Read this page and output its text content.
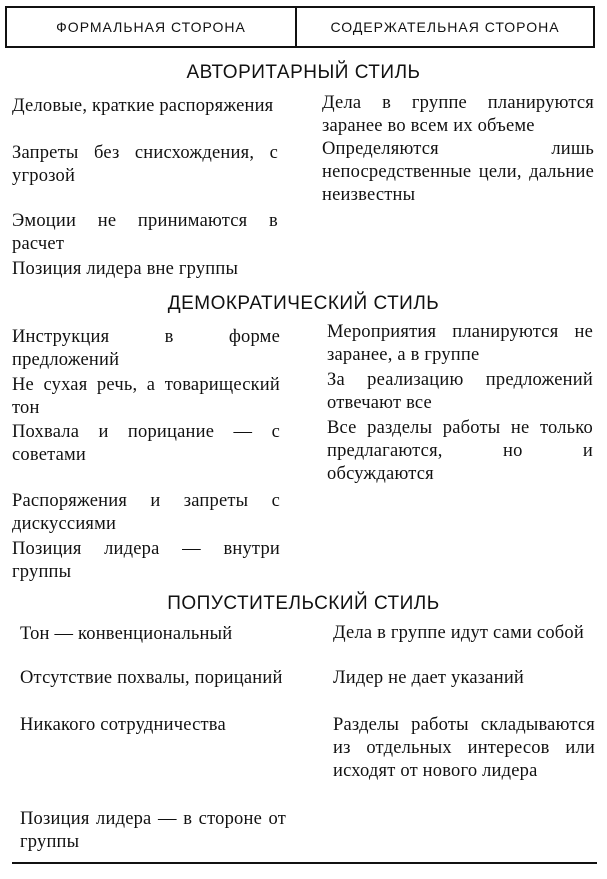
ФОРМАЛЬНАЯ СТОРОНА	СОДЕРЖАТЕЛЬНАЯ СТОРОНА
АВТОРИТАРНЫЙ СТИЛЬ
Деловые, краткие распоряжения
Запреты без снисхождения, с угрозой
Эмоции не принимаются в расчет
Позиция лидера вне группы
Дела в группе планируются заранее во всем их объеме
Определяются лишь непосредственные цели, дальние неизвестны
ДЕМОКРАТИЧЕСКИЙ СТИЛЬ
Инструкция в форме предложений
Не сухая речь, а товарищеский тон
Похвала и порицание — с советами
Распоряжения и запреты с дискуссиями
Позиция лидера — внутри группы
Мероприятия планируются не заранее, а в группе
За реализацию предложений отвечают все
Все разделы работы не только предлагаются, но и обсуждаются
ПОПУСТИТЕЛЬСКИЙ СТИЛЬ
Тон — конвенциональный
Отсутствие похвалы, порицаний
Никакого сотрудничества
Позиция лидера — в стороне от группы
Дела в группе идут сами собой
Лидер не дает указаний
Разделы работы складываются из отдельных интересов или исходят от нового лидера
